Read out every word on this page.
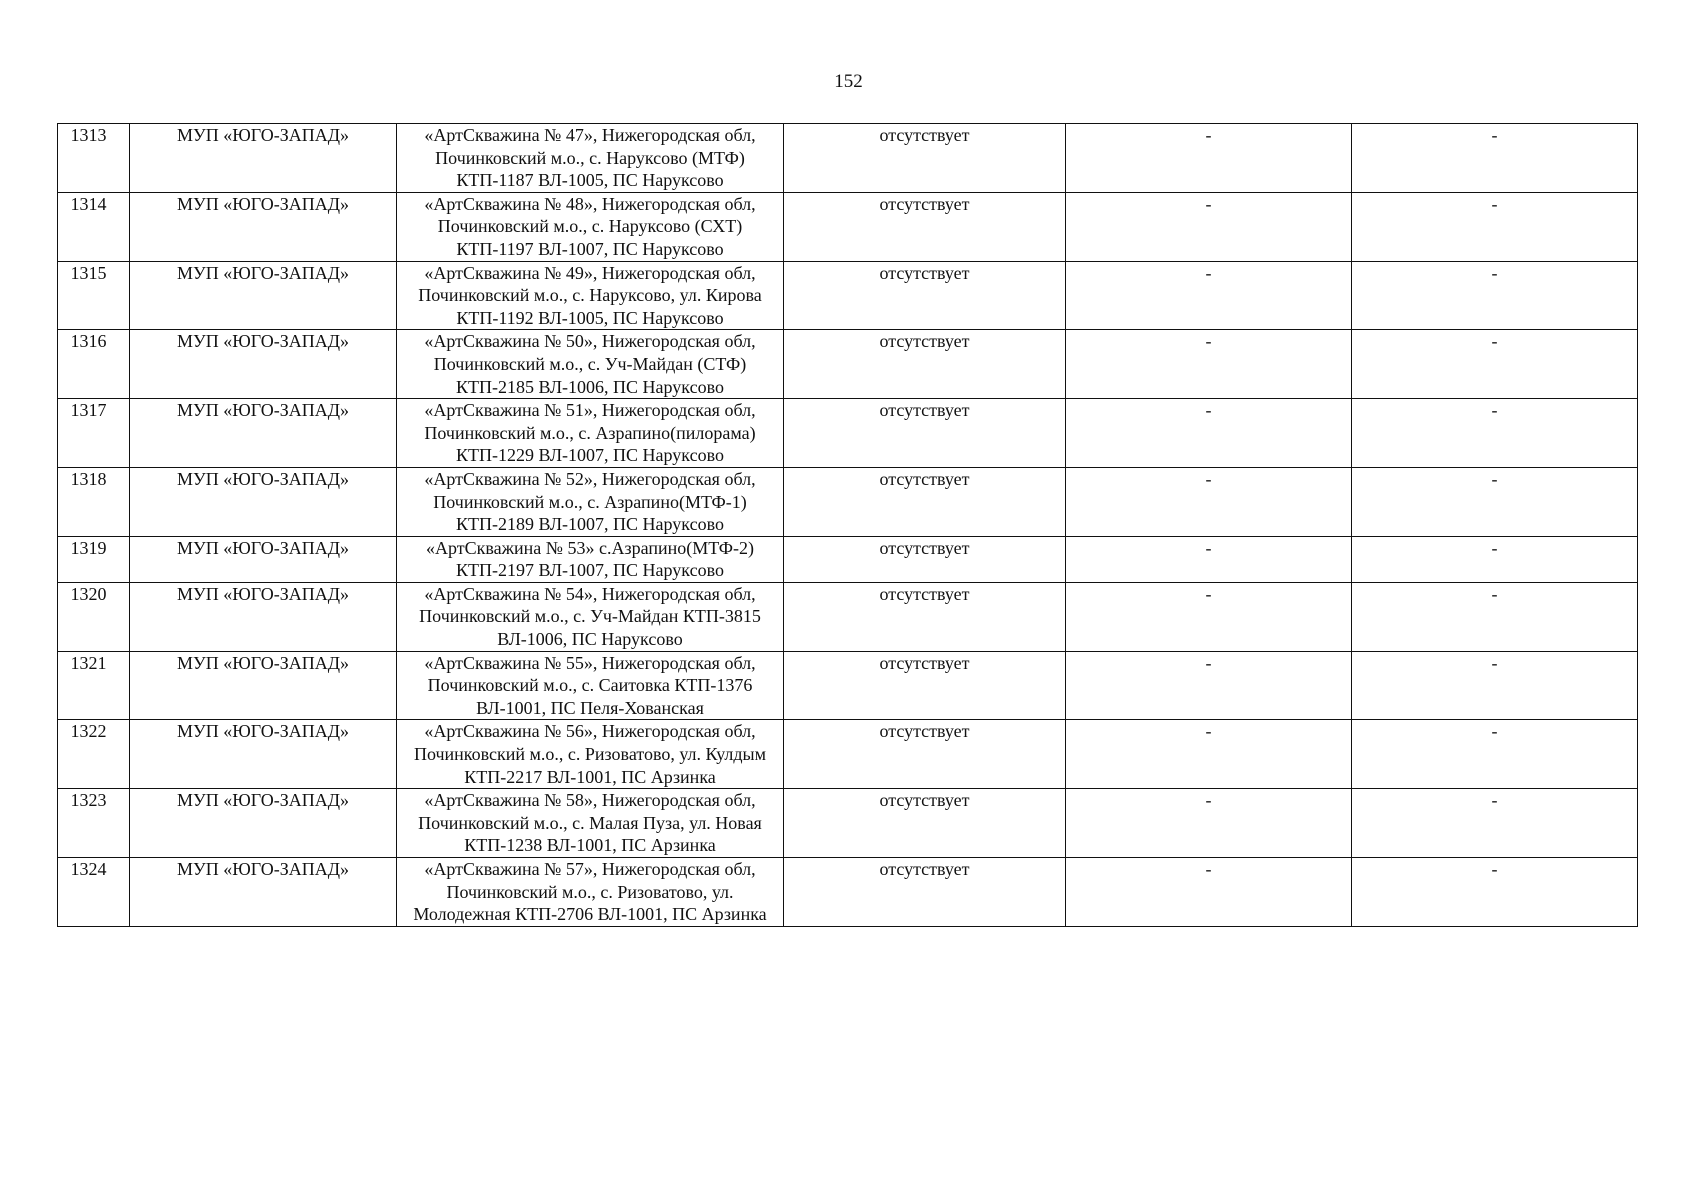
152
1313	МУП «ЮГО-ЗАПАД»	«АртСкважина № 47», Нижегородская обл, Починковский м.о., с. Наруксово (МТФ) КТП-1187 ВЛ-1005, ПС Наруксово	отсутствует	-	-
1314	МУП «ЮГО-ЗАПАД»	«АртСкважина № 48», Нижегородская обл, Починковский м.о., с. Наруксово (СХТ) КТП-1197 ВЛ-1007, ПС Наруксово	отсутствует	-	-
1315	МУП «ЮГО-ЗАПАД»	«АртСкважина № 49», Нижегородская обл, Починковский м.о., с. Наруксово, ул. Кирова КТП-1192 ВЛ-1005, ПС Наруксово	отсутствует	-	-
1316	МУП «ЮГО-ЗАПАД»	«АртСкважина № 50», Нижегородская обл, Починковский м.о., с. Уч-Майдан (СТФ) КТП-2185 ВЛ-1006, ПС Наруксово	отсутствует	-	-
1317	МУП «ЮГО-ЗАПАД»	«АртСкважина № 51», Нижегородская обл, Починковский м.о., с. Азрапино(пилорама) КТП-1229 ВЛ-1007, ПС Наруксово	отсутствует	-	-
1318	МУП «ЮГО-ЗАПАД»	«АртСкважина № 52», Нижегородская обл, Починковский м.о., с. Азрапино(МТФ-1) КТП-2189 ВЛ-1007, ПС Наруксово	отсутствует	-	-
1319	МУП «ЮГО-ЗАПАД»	«АртСкважина № 53» с.Азрапино(МТФ-2) КТП-2197 ВЛ-1007, ПС Наруксово	отсутствует	-	-
1320	МУП «ЮГО-ЗАПАД»	«АртСкважина № 54», Нижегородская обл, Починковский м.о., с. Уч-Майдан КТП-3815 ВЛ-1006, ПС Наруксово	отсутствует	-	-
1321	МУП «ЮГО-ЗАПАД»	«АртСкважина № 55», Нижегородская обл, Починковский м.о., с. Саитовка КТП-1376 ВЛ-1001, ПС Пеля-Хованская	отсутствует	-	-
1322	МУП «ЮГО-ЗАПАД»	«АртСкважина № 56», Нижегородская обл, Починковский м.о., с. Ризоватово, ул. Кулдым КТП-2217 ВЛ-1001, ПС Арзинка	отсутствует	-	-
1323	МУП «ЮГО-ЗАПАД»	«АртСкважина № 58», Нижегородская обл, Починковский м.о., с. Малая Пуза, ул. Новая КТП-1238 ВЛ-1001, ПС Арзинка	отсутствует	-	-
1324	МУП «ЮГО-ЗАПАД»	«АртСкважина № 57», Нижегородская обл, Починковский м.о., с. Ризоватово, ул. Молодежная КТП-2706 ВЛ-1001, ПС Арзинка	отсутствует	-	-
